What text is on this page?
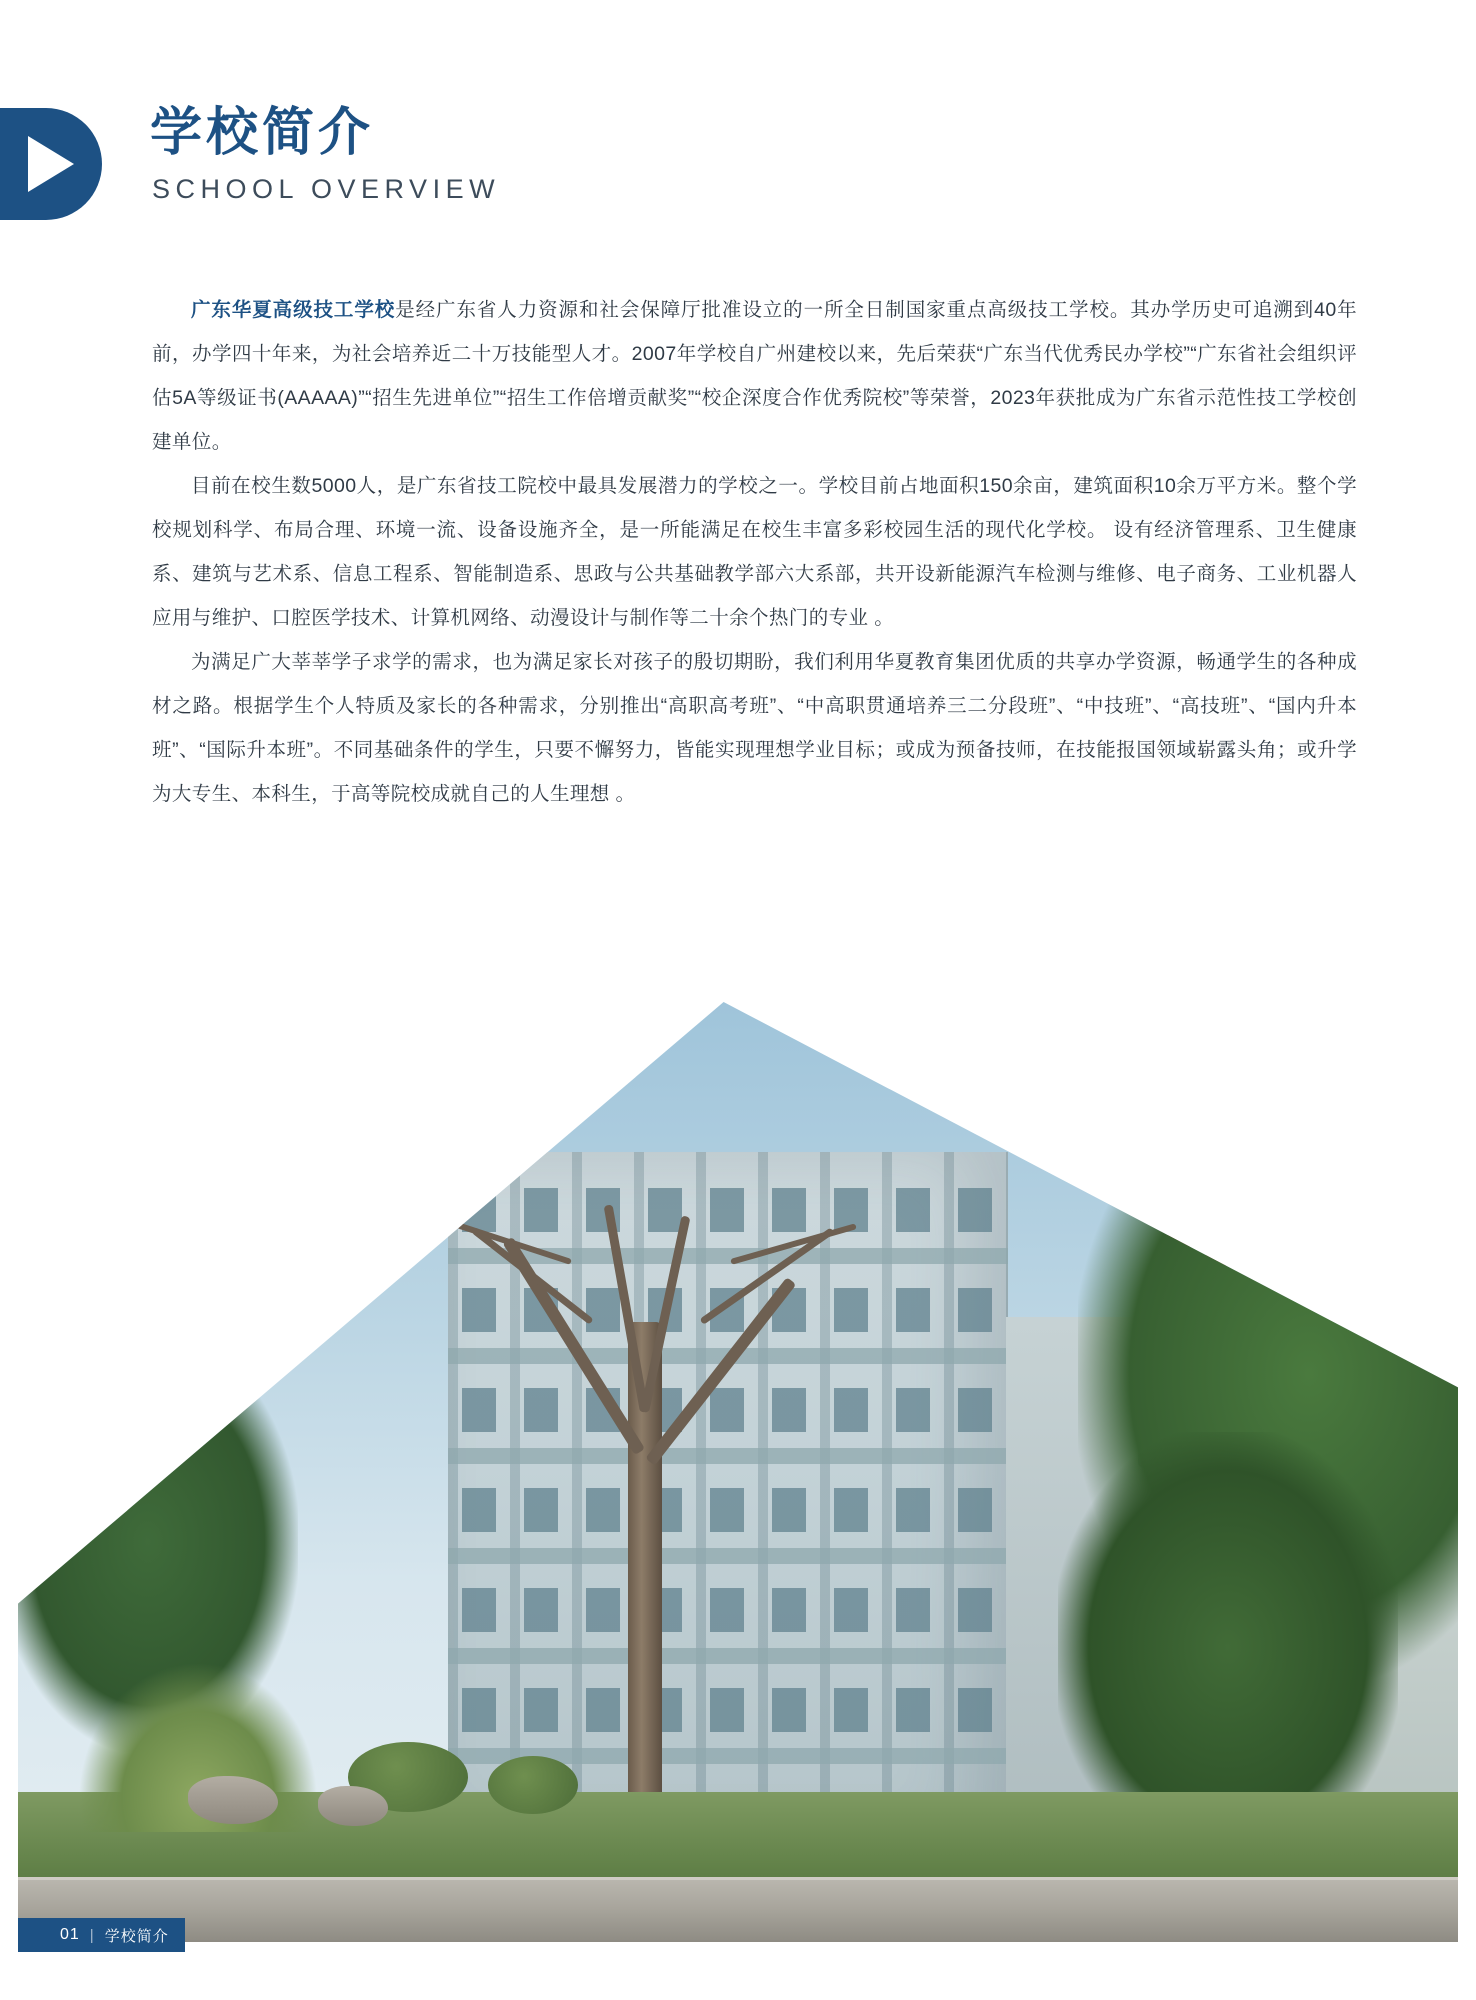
学校简介
SCHOOL OVERVIEW

广东华夏高级技工学校是经广东省人力资源和社会保障厅批准设立的一所全日制国家重点高级技工学校。其办学历史可追溯到40年前，办学四十年来，为社会培养近二十万技能型人才。2007年学校自广州建校以来，先后荣获“广东当代优秀民办学校”“广东省社会组织评估5A等级证书(AAAAA)”“招生先进单位”“招生工作倍增贡献奖”“校企深度合作优秀院校”等荣誉，2023年获批成为广东省示范性技工学校创建单位。

目前在校生数5000人，是广东省技工院校中最具发展潜力的学校之一。学校目前占地面积150余亩，建筑面积10余万平方米。整个学校规划科学、布局合理、环境一流、设备设施齐全，是一所能满足在校生丰富多彩校园生活的现代化学校。 设有经济管理系、卫生健康系、建筑与艺术系、信息工程系、智能制造系、思政与公共基础教学部六大系部，共开设新能源汽车检测与维修、电子商务、工业机器人应用与维护、口腔医学技术、计算机网络、动漫设计与制作等二十余个热门的专业 。

为满足广大莘莘学子求学的需求，也为满足家长对孩子的殷切期盼，我们利用华夏教育集团优质的共享办学资源，畅通学生的各种成材之路。根据学生个人特质及家长的各种需求，分别推出“高职高考班”、“中高职贯通培养三二分段班”、“中技班”、“高技班”、“国内升本班”、“国际升本班”。不同基础条件的学生，只要不懈努力，皆能实现理想学业目标；或成为预备技师，在技能报国领域崭露头角；或升学为大专生、本科生，于高等院校成就自己的人生理想 。

01 | 学校简介
